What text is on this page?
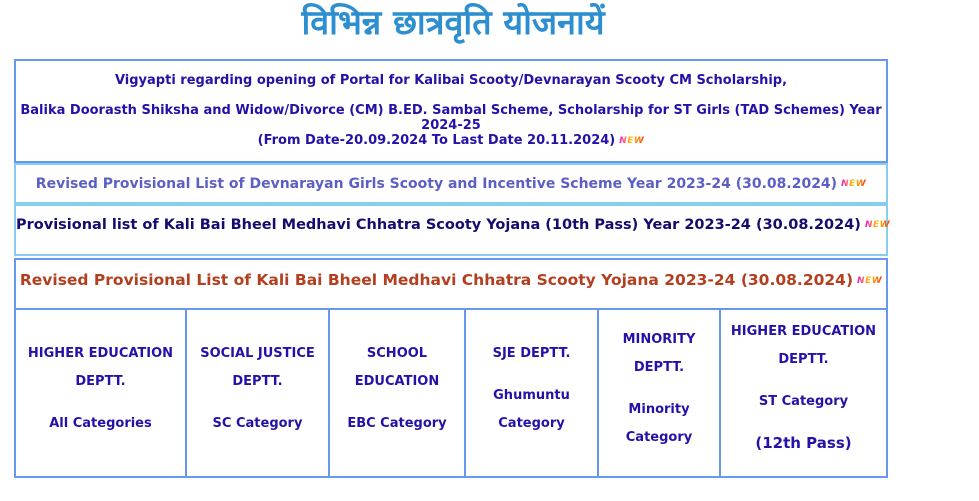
विभिन्न छात्रवृति योजनायें
Vigyapti regarding opening of Portal for Kalibai Scooty/Devnarayan Scooty CM Scholarship,
Balika Doorasth Shiksha and Widow/Divorce (CM) B.ED. Sambal Scheme, Scholarship for ST Girls (TAD Schemes) Year 2024-25
(From Date-20.09.2024 To Last Date 20.11.2024) NEW
Revised Provisional List of Devnarayan Girls Scooty and Incentive Scheme Year 2023-24 (30.08.2024) NEW
Provisional list of Kali Bai Bheel Medhavi Chhatra Scooty Yojana (10th Pass) Year 2023-24 (30.08.2024) NEW
Revised Provisional List of Kali Bai Bheel Medhavi Chhatra Scooty Yojana 2023-24 (30.08.2024) NEW
HIGHER EDUCATION
DEPTT.
All Categories
SOCIAL JUSTICE
DEPTT.
SC Category
SCHOOL
EDUCATION
EBC Category
SJE DEPTT.
Ghumuntu
Category
MINORITY
DEPTT.
Minority
Category
HIGHER EDUCATION
DEPTT.
ST Category
(12th Pass)
